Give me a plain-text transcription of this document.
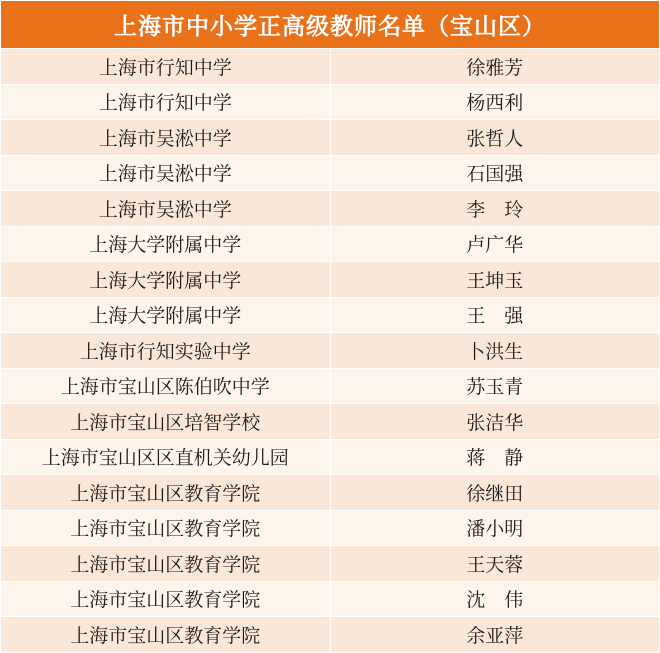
上海市中小学正高级教师名单（宝山区）	
上海市行知中学	徐雅芳
上海市行知中学	杨西利
上海市吴淞中学	张哲人
上海市吴淞中学	石国强
上海市吴淞中学	李　玲
上海大学附属中学	卢广华
上海大学附属中学	王坤玉
上海大学附属中学	王　强
上海市行知实验中学	卜洪生
上海市宝山区陈伯吹中学	苏玉青
上海市宝山区培智学校	张洁华
上海市宝山区区直机关幼儿园	蒋　静
上海市宝山区教育学院	徐继田
上海市宝山区教育学院	潘小明
上海市宝山区教育学院	王天蓉
上海市宝山区教育学院	沈　伟
上海市宝山区教育学院	余亚萍
